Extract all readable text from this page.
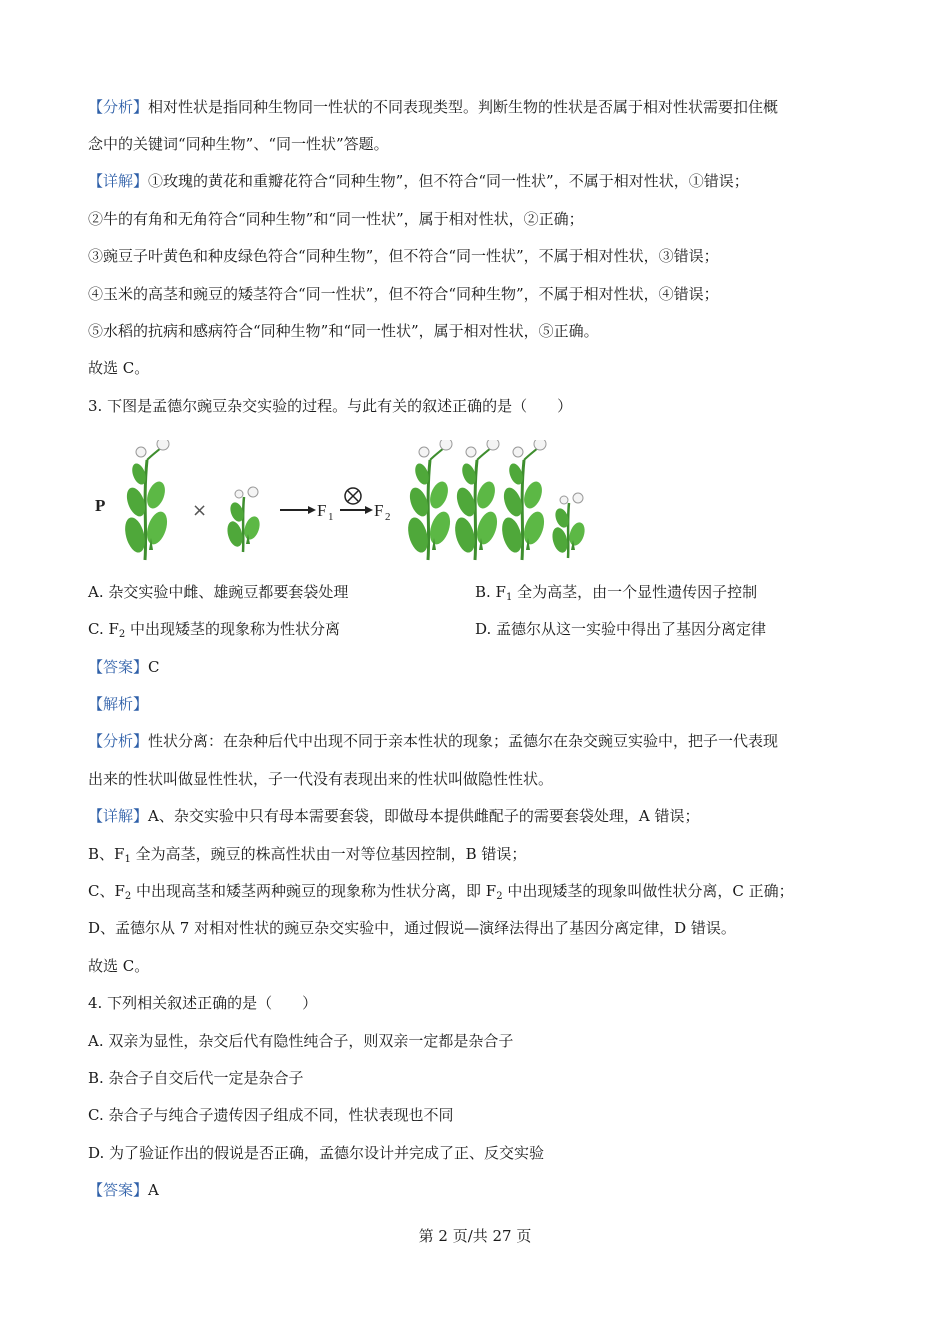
【分析】相对性状是指同种生物同一性状的不同表现类型。判断生物的性状是否属于相对性状需要扣住概
念中的关键词“同种生物”、“同一性状”答题。
【详解】①玫瑰的黄花和重瓣花符合“同种生物”，但不符合“同一性状”，不属于相对性状，①错误；
②牛的有角和无角符合“同种生物”和“同一性状”，属于相对性状，②正确；
③豌豆子叶黄色和种皮绿色符合“同种生物”，但不符合“同一性状”，不属于相对性状，③错误；
④玉米的高茎和豌豆的矮茎符合“同一性状”，但不符合“同种生物”，不属于相对性状，④错误；
⑤水稻的抗病和感病符合“同种生物”和“同一性状”，属于相对性状，⑤正确。
故选 C。
3. 下图是孟德尔豌豆杂交实验的过程。与此有关的叙述正确的是（　　）
P	×	F 1 F 2
A. 杂交实验中雌、雄豌豆都要套袋处理	B. $F_1$ 全为高茎，由一个显性遗传因子控制
C. $F_2$ 中出现矮茎的现象称为性状分离	D. 孟德尔从这一实验中得出了基因分离定律
【答案】C
【解析】
【分析】性状分离：在杂种后代中出现不同于亲本性状的现象；孟德尔在杂交豌豆实验中，把子一代表现
出来的性状叫做显性性状，子一代没有表现出来的性状叫做隐性性状。
【详解】A、杂交实验中只有母本需要套袋，即做母本提供雌配子的需要套袋处理，A 错误；
B、$F_1$ 全为高茎，豌豆的株高性状由一对等位基因控制，B 错误；
C、$F_2$ 中出现高茎和矮茎两种豌豆的现象称为性状分离，即 $F_2$ 中出现矮茎的现象叫做性状分离，C 正确；
D、孟德尔从 7 对相对性状的豌豆杂交实验中，通过假说—演绎法得出了基因分离定律，D 错误。
故选 C。
4. 下列相关叙述正确的是（　　）
A. 双亲为显性，杂交后代有隐性纯合子，则双亲一定都是杂合子
B. 杂合子自交后代一定是杂合子
C. 杂合子与纯合子遗传因子组成不同，性状表现也不同
D. 为了验证作出的假说是否正确，孟德尔设计并完成了正、反交实验
【答案】A
第 2 页/共 27 页
